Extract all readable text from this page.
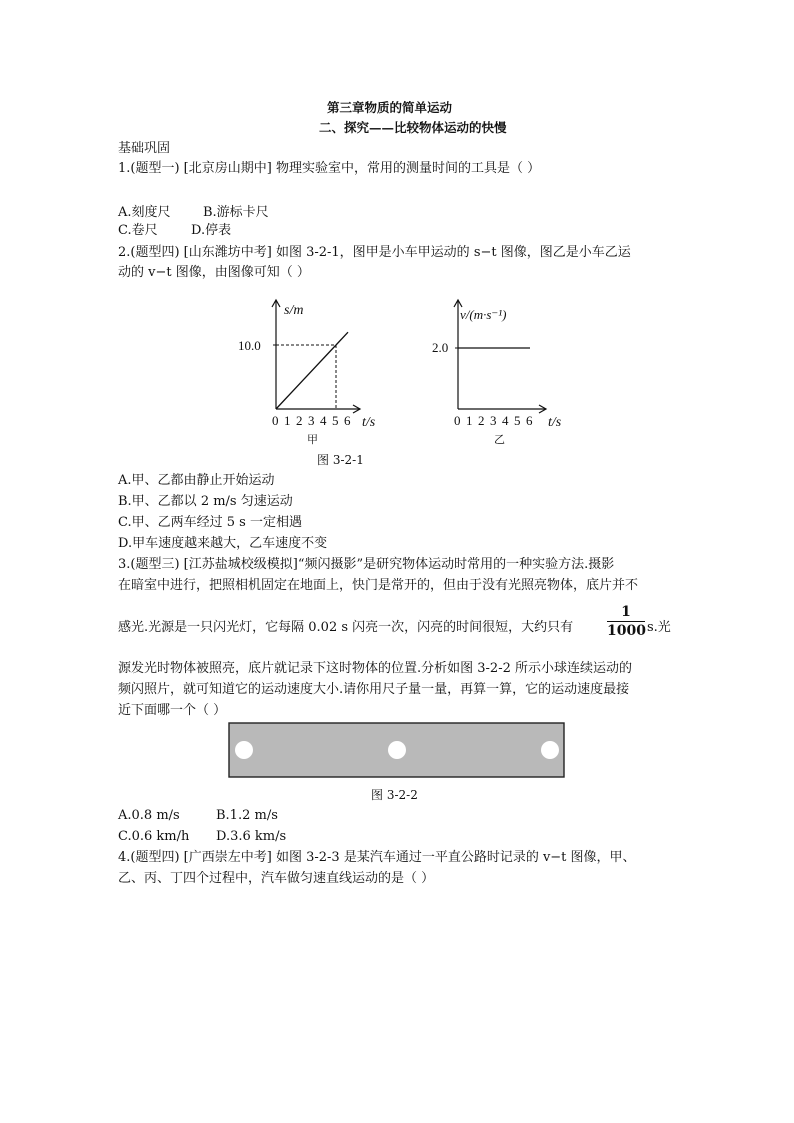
第三章物质的简单运动
二、探究——比较物体运动的快慢
基础巩固
1.(题型一) [北京房山期中] 物理实验室中，常用的测量时间的工具是（ ）
A.刻度尺 B.游标卡尺
C.卷尺	D.停表
2.(题型四) [山东潍坊中考] 如图 3-2-1，图甲是小车甲运动的 s−t 图像，图乙是小车乙运
动的 v−t 图像，由图像可知（ ）
0 1 2 3 4 5 6
s/m
10.0
t/s
甲
0 1 2 3 4 5 6
v/(m·s⁻¹)
2.0
t/s
乙
图 3-2-1
A.甲、乙都由静止开始运动
B.甲、乙都以 2 m/s 匀速运动
C.甲、乙两车经过 5 s 一定相遇
D.甲车速度越来越大，乙车速度不变
3.(题型三) [江苏盐城校级模拟]“频闪摄影”是研究物体运动时常用的一种实验方法.摄影
在暗室中进行，把照相机固定在地面上，快门是常开的，但由于没有光照亮物体，底片并不
感光.光源是一只闪光灯，它每隔 0.02 s 闪亮一次，闪亮的时间很短，大约只有
1
1000 s.光
源发光时物体被照亮，底片就记录下这时物体的位置.分析如图 3-2-2 所示小球连续运动的
频闪照片，就可知道它的运动速度大小.请你用尺子量一量，再算一算，它的运动速度最接
近下面哪一个（ ）
图 3-2-2
A.0.8 m/s	B.1.2 m/s
C.0.6 km/h D.3.6 km/s
4.(题型四) [广西崇左中考] 如图 3-2-3 是某汽车通过一平直公路时记录的 v−t 图像，甲、
乙、丙、丁四个过程中，汽车做匀速直线运动的是（ ）
